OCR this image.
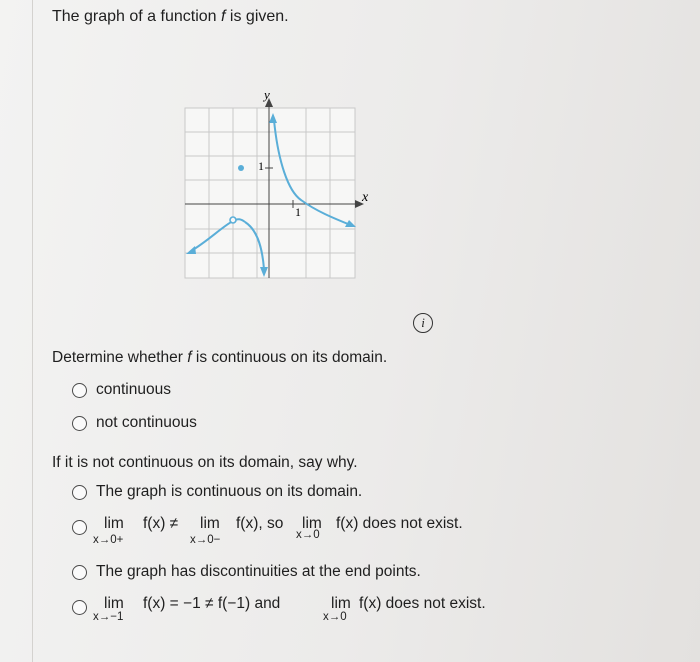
The graph of a function f is given.
y
x
1
1
i
Determine whether f is continuous on its domain.
continuous
not continuous
If it is not continuous on its domain, say why.
The graph is continuous on its domain.
lim
x→0+
f(x) ≠ lim
x→0−
f(x), so lim
x→0
f(x) does not exist.
The graph has discontinuities at the end points.
lim
x→−1
f(x) = −1 ≠ f(−1) and	lim
x→0
f(x) does not exist.
